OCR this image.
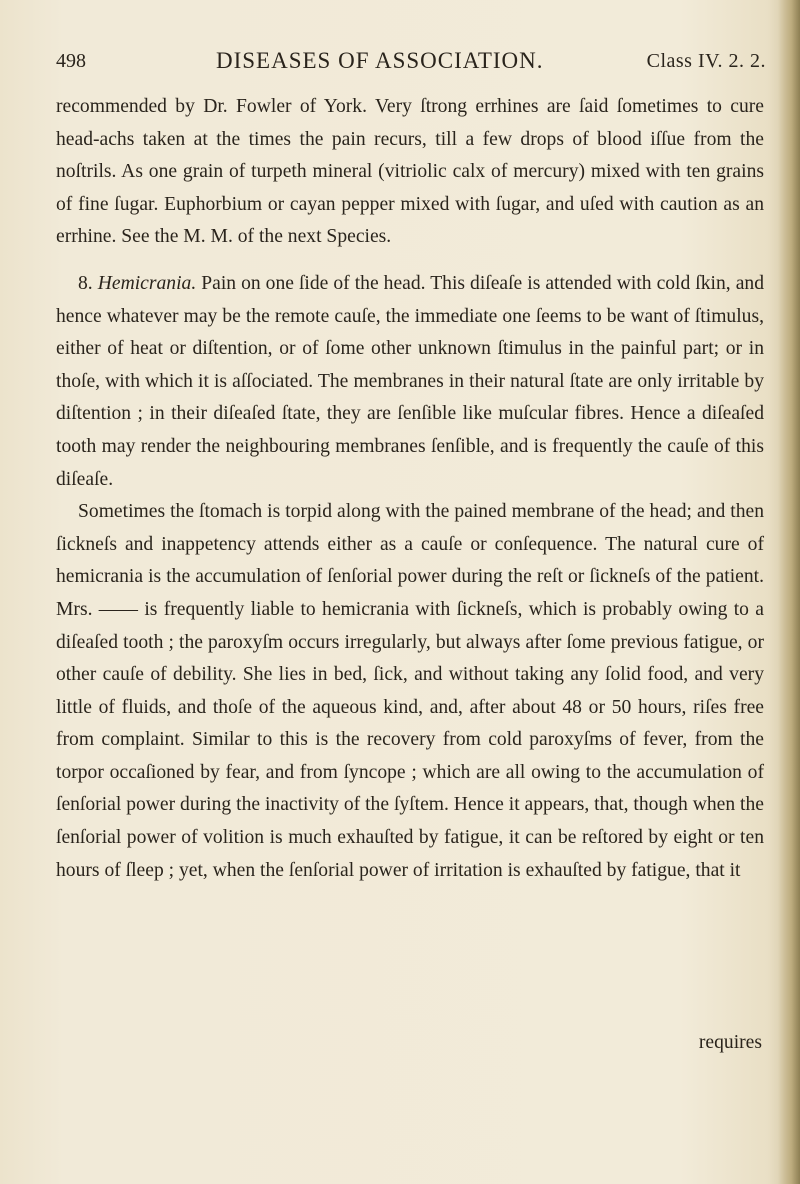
498	DISEASES OF ASSOCIATION.	Class IV. 2. 2.

recommended by Dr. Fowler of York. Very ſtrong errhines are ſaid ſometimes to cure head-achs taken at the times the pain recurs, till a few drops of blood iſſue from the noſtrils. As one grain of turpeth mineral (vitriolic calx of mercury) mixed with ten grains of fine ſugar. Euphorbium or cayan pepper mixed with ſugar, and uſed with caution as an errhine. See the M. M. of the next Species.

8. Hemicrania. Pain on one ſide of the head. This diſeaſe is attended with cold ſkin, and hence whatever may be the remote cauſe, the immediate one ſeems to be want of ſtimulus, either of heat or diſtention, or of ſome other unknown ſtimulus in the painful part; or in thoſe, with which it is aſſociated. The membranes in their natural ſtate are only irritable by diſtention ; in their diſeaſed ſtate, they are ſenſible like muſcular fibres. Hence a diſeaſed tooth may render the neighbouring membranes ſenſible, and is frequently the cauſe of this diſeaſe.

Sometimes the ſtomach is torpid along with the pained membrane of the head; and then ſickneſs and inappetency attends either as a cauſe or conſequence. The natural cure of hemicrania is the accumulation of ſenſorial power during the reſt or ſickneſs of the patient. Mrs. —— is frequently liable to hemicrania with ſickneſs, which is probably owing to a diſeaſed tooth ; the paroxyſm occurs irregularly, but always after ſome previous fatigue, or other cauſe of debility. She lies in bed, ſick, and without taking any ſolid food, and very little of fluids, and thoſe of the aqueous kind, and, after about 48 or 50 hours, riſes free from complaint. Similar to this is the recovery from cold paroxyſms of fever, from the torpor occaſioned by fear, and from ſyncope ; which are all owing to the accumulation of ſenſorial power during the inactivity of the ſyſtem. Hence it appears, that, though when the ſenſorial power of volition is much exhauſted by fatigue, it can be reſtored by eight or ten hours of ſleep ; yet, when the ſenſorial power of irritation is exhauſted by fatigue, that it

requires
